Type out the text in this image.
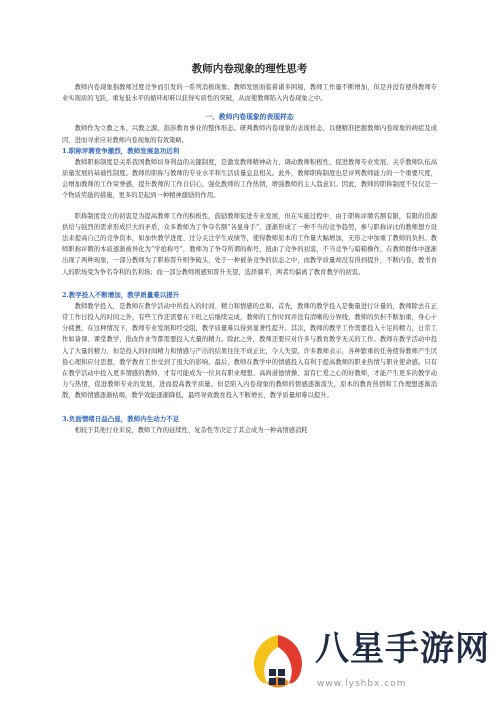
教师内卷现象的理性思考

教师内卷现象指教师过度竞争而引发的一系列消极现象。教师发展面临着诸多困境，教师工作量不断增加，但是并没有使得教师专业实现质的飞跃，重复低水平的循环却难以获得实质性的突破，从而使教师陷入内卷现象之中。

一、教师内卷现象的表现样态

教师作为立教之本、兴教之源，指涉教育事业的整体形态。研判教师内卷现象的表现样态，以便精准把握教师内卷现象的病症及成因，进而寻求应对教师内卷现象的有效策略。

1.职称评聘竞争激烈，教师发展急功近利

教师职称制度是关系我国教师切身利益的关键制度，是激发教师精神动力、调动教师积极性、促进教师专业发展、关乎教师队伍高质量发展的基础性制度。教师的职称与教师的专业水平和生活质量息息相关。此外，教师职称制度也是评判教师能力的一个重要尺度，会增加教师的工作荣誉感，提升教师的工作自信心，强化教师的工作热情，增强教师的主人翁意识。因此，教师的职称制度不仅仅是一个物质奖励的措施，更多的是起到一种精神激励的作用。

职称制度设立的初衷是为提高教师工作的积极性，鼓励教师促进专业发展，但在实施过程中，由于职称评聘名额有限，有限的资源供给与强烈的需求形成巨大的矛盾，众多教师为了争夺名额“各显身手”，逐渐形成了一种不当的竞争趋势，参与职称评比的教师想方设法来提高自己的竞争资本，如加快教学进度、过分关注学生成绩等，使得教师原本的工作量大幅增加，无形之中加重了教师的负担。教师职称评聘的本质逐渐被异化为“学抢称号”，教师为了争夺所谓的称号，扭曲了竞争的初衷，不当竞争与暗箱操作，在教师群体中逐渐出现了两种现象，一部分教师为了职称晋升则争破头，处于一种被条竞争的状态之中，而教学质量却没有得到提升，不断内卷，教书育人的职场变为争名夺利的名利场；而一部分教师则感知晋升无望，选择躺平，两者均偏离了教育教学的初衷。

2.教学投入不断增加，教学质量难以提升

教师教学投入，是教师在教学活动中所投入的时间、精力和情感的总和。首先，教师的教学投入是衡量进行计量的，教师除去在正常工作日投入的时间之外，有些工作还需要在下班之后继续完成，教师的工作时间并没有清晰的分界线，教师的负担不断加重，身心十分疲惫，在这种情况下，教师专业发展和经受阻，教学质量难以得到显著性提升。其次，教师的教学工作需要投入十足的精力，日常工作如备课、课堂教学、批改作业等都需要投入大量的精力。除此之外，教师还要应对许多与教育教学无关的工作。教师在教学活动中投入了大量的精力，但是投入的时间精力和情感与产出的结果往往不成正比，令人失望。许多教师表示，各种繁重的任务使得教师产生厌倦心理和应付思想，教学教育工作受到了很大的影响。最后，教师在教学中的情感投入有利于提高教师的职业热情与职业使命感。只有在教学活动中投入更多情感的教师，才有可能成为一位具有职业理想、高尚道德情操、富有仁爱之心的好教师，才能产生更多的教学动力与热情，促进教师专业的发展，进而提高教学质量。但是陷入内卷现象的教师的情感逐渐流失，原本的教育热情和工作理想逐渐消散，教师情感逐渐枯竭，教学效能逐渐降低，最终导致教育投入不断增长，教学质量却难以提升。

3.负面情绪日益凸显，教师内生动力不足

相较于其他行业来说，教师工作的延续性、复杂性等决定了其会成为一种高情感消耗

八星手游网
www.lyshbx.com
